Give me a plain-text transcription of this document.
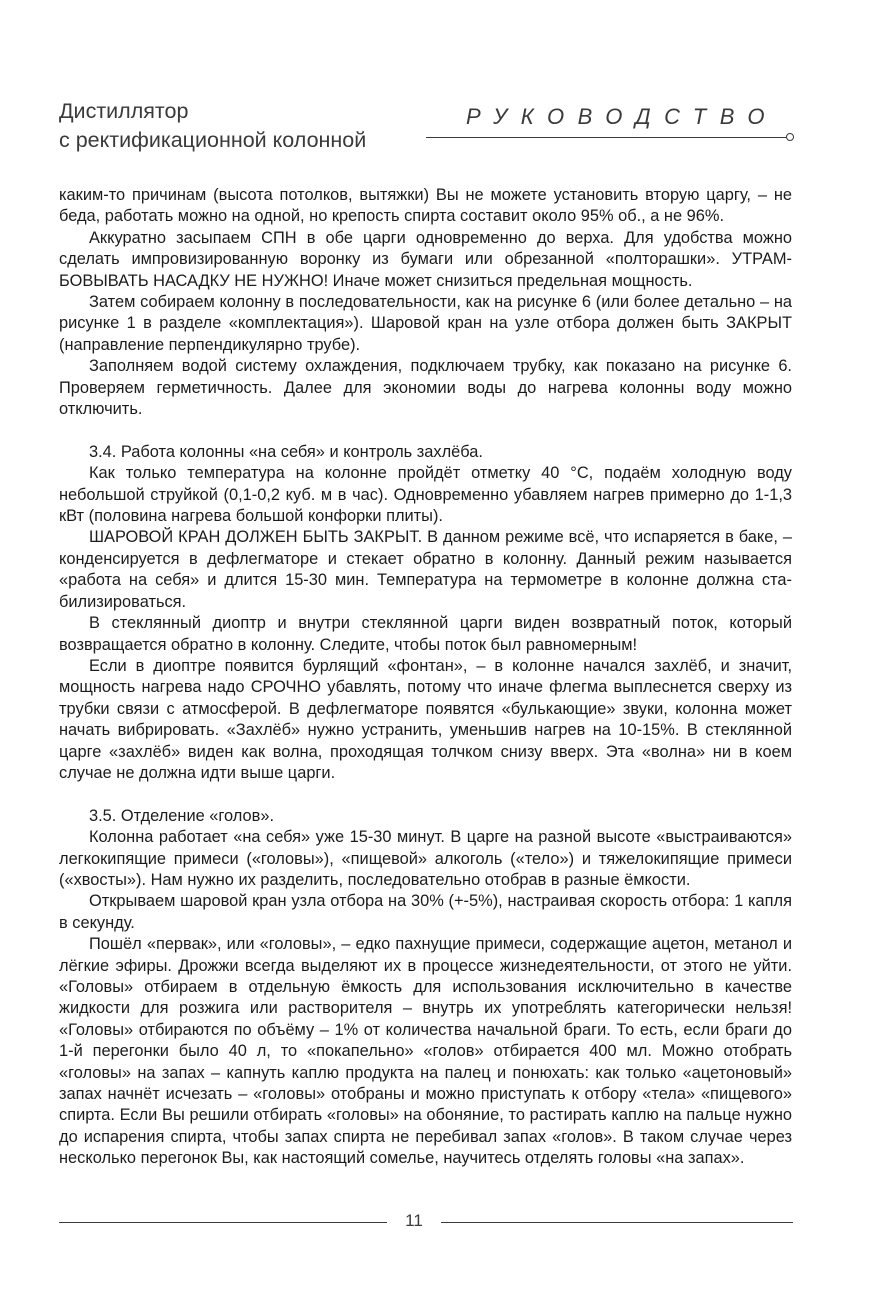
Дистиллятор
с ректификационной колонной
РУКОВОДСТВО

каким-то причинам (высота потолков, вытяжки) Вы не можете установить вторую царгу, – не беда, работать можно на одной, но крепость спирта составит около 95% об., а не 96%.

Аккуратно засыпаем СПН в обе царги одновременно до верха. Для удобства можно сделать импровизированную воронку из бумаги или обрезанной «полторашки». УТРАМБОВЫВАТЬ НАСАДКУ НЕ НУЖНО! Иначе может снизиться предельная мощность.

Затем собираем колонну в последовательности, как на рисунке 6 (или более детально – на рисунке 1 в разделе «комплектация»). Шаровой кран на узле отбора должен быть ЗАКРЫТ (направление перпендикулярно трубе).

Заполняем водой систему охлаждения, подключаем трубку, как показано на рисунке 6. Проверяем герметичность. Далее для экономии воды до нагрева колонны воду можно отключить.

3.4. Работа колонны «на себя» и контроль захлёба.

Как только температура на колонне пройдёт отметку 40 °С, подаём холодную воду небольшой струйкой (0,1-0,2 куб. м в час). Одновременно убавляем нагрев примерно до 1-1,3 кВт (половина нагрева большой конфорки плиты).

ШАРОВОЙ КРАН ДОЛЖЕН БЫТЬ ЗАКРЫТ. В данном режиме всё, что испаряется в баке, – конденсируется в дефлегматоре и стекает обратно в колонну. Данный режим называется «работа на себя» и длится 15-30 мин. Температура на термометре в колонне должна стабилизироваться.

В стеклянный диоптр и внутри стеклянной царги виден возвратный поток, который возвращается обратно в колонну. Следите, чтобы поток был равномерным!

Если в диоптре появится бурлящий «фонтан», – в колонне начался захлёб, и значит, мощность нагрева надо СРОЧНО убавлять, потому что иначе флегма выплеснется сверху из трубки связи с атмосферой. В дефлегматоре появятся «булькающие» звуки, колонна может начать вибрировать. «Захлёб» нужно устранить, уменьшив нагрев на 10-15%. В стеклянной царге «захлёб» виден как волна, проходящая толчком снизу вверх. Эта «волна» ни в коем случае не должна идти выше царги.

3.5. Отделение «голов».

Колонна работает «на себя» уже 15-30 минут. В царге на разной высоте «выстраиваются» легкокипящие примеси («головы»), «пищевой» алкоголь («тело») и тяжелокипящие примеси («хвосты»). Нам нужно их разделить, последовательно отобрав в разные ёмкости.

Открываем шаровой кран узла отбора на 30% (+-5%), настраивая скорость отбора: 1 капля в секунду.

Пошёл «первак», или «головы», – едко пахнущие примеси, содержащие ацетон, метанол и лёгкие эфиры. Дрожжи всегда выделяют их в процессе жизнедеятельности, от этого не уйти. «Головы» отбираем в отдельную ёмкость для использования исключительно в качестве жидкости для розжига или растворителя – внутрь их употреблять категорически нельзя! «Головы» отбираются по объёму – 1% от количества начальной браги. То есть, если браги до 1-й перегонки было 40 л, то «покапельно» «голов» отбирается 400 мл. Можно отобрать «головы» на запах – капнуть каплю продукта на палец и понюхать: как только «ацетоновый» запах начнёт исчезать – «головы» отобраны и можно приступать к отбору «тела» «пищевого» спирта. Если Вы решили отбирать «головы» на обоняние, то растирать каплю на пальце нужно до испарения спирта, чтобы запах спирта не перебивал запах «голов». В таком случае через несколько перегонок Вы, как настоящий сомелье, научитесь отделять головы «на запах».

11
